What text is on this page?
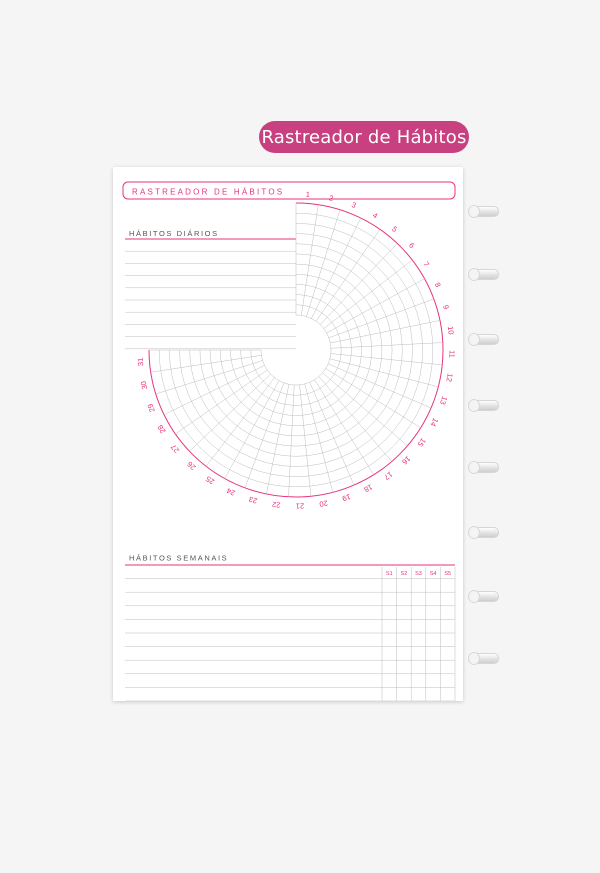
Rastreador de Hábitos
RASTREADOR DE HÁBITOS
HÁBITOS DIÁRIOS
1 2
3
4
5
6
7
8
9
10
11
12
13
14
15
16
17
18
19
20
21
22
23
24
25
26
27
28
29
30
31
HÁBITOS SEMANAIS
S1 S2 S3 S4 S5
